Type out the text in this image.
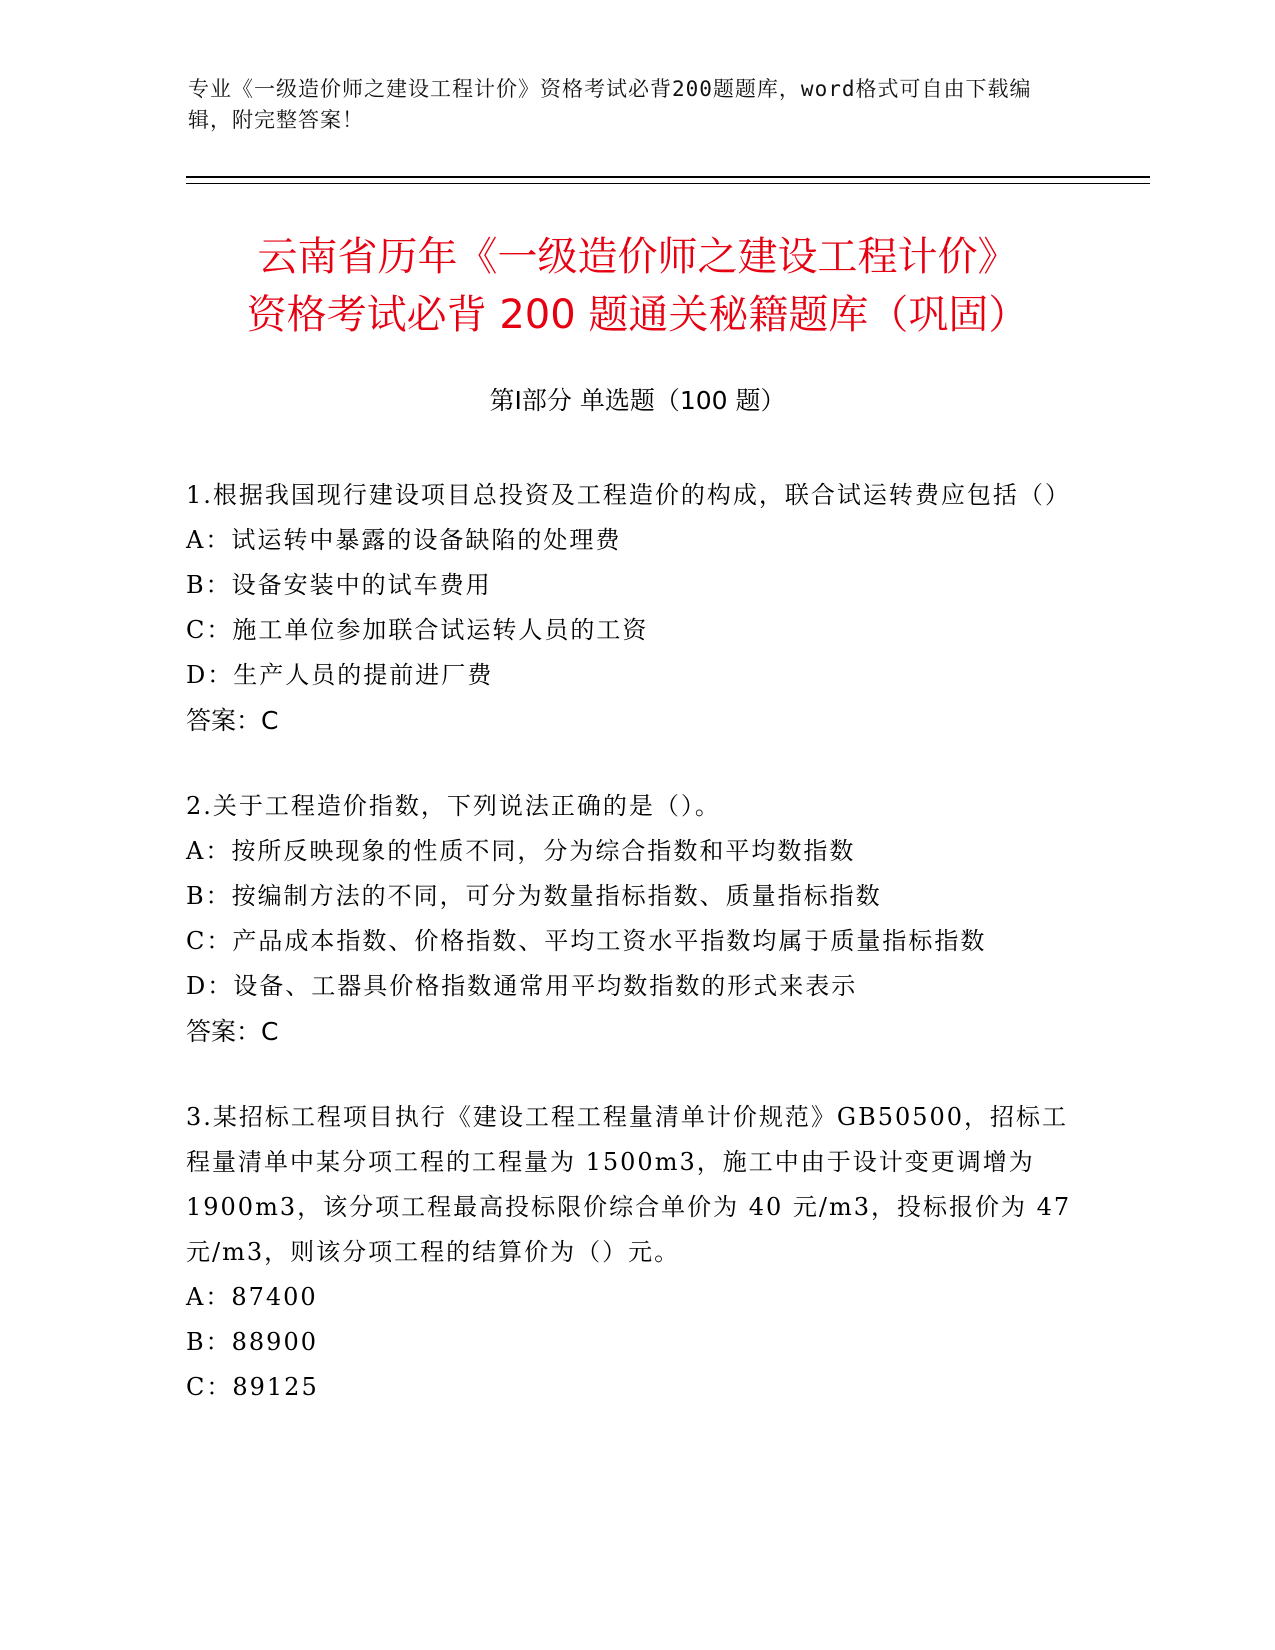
专业《一级造价师之建设工程计价》资格考试必背200题题库，word格式可自由下载编辑，附完整答案！
云南省历年《一级造价师之建设工程计价》
资格考试必背 200 题通关秘籍题库（巩固）
第Ⅰ部分 单选题（100 题）

1.根据我国现行建设项目总投资及工程造价的构成，联合试运转费应包括（）

A：试运转中暴露的设备缺陷的处理费

B：设备安装中的试车费用

C：施工单位参加联合试运转人员的工资

D：生产人员的提前进厂费

答案：C

2.关于工程造价指数，下列说法正确的是（）。

A：按所反映现象的性质不同，分为综合指数和平均数指数

B：按编制方法的不同，可分为数量指标指数、质量指标指数

C：产品成本指数、价格指数、平均工资水平指数均属于质量指标指数

D：设备、工器具价格指数通常用平均数指数的形式来表示

答案：C

3.某招标工程项目执行《建设工程工程量清单计价规范》GB50500，招标工程量清单中某分项工程的工程量为 1500m3，施工中由于设计变更调增为 1900m3，该分项工程最高投标限价综合单价为 40 元/m3，投标报价为 47 元/m3，则该分项工程的结算价为（）元。

A：87400

B：88900

C：89125
